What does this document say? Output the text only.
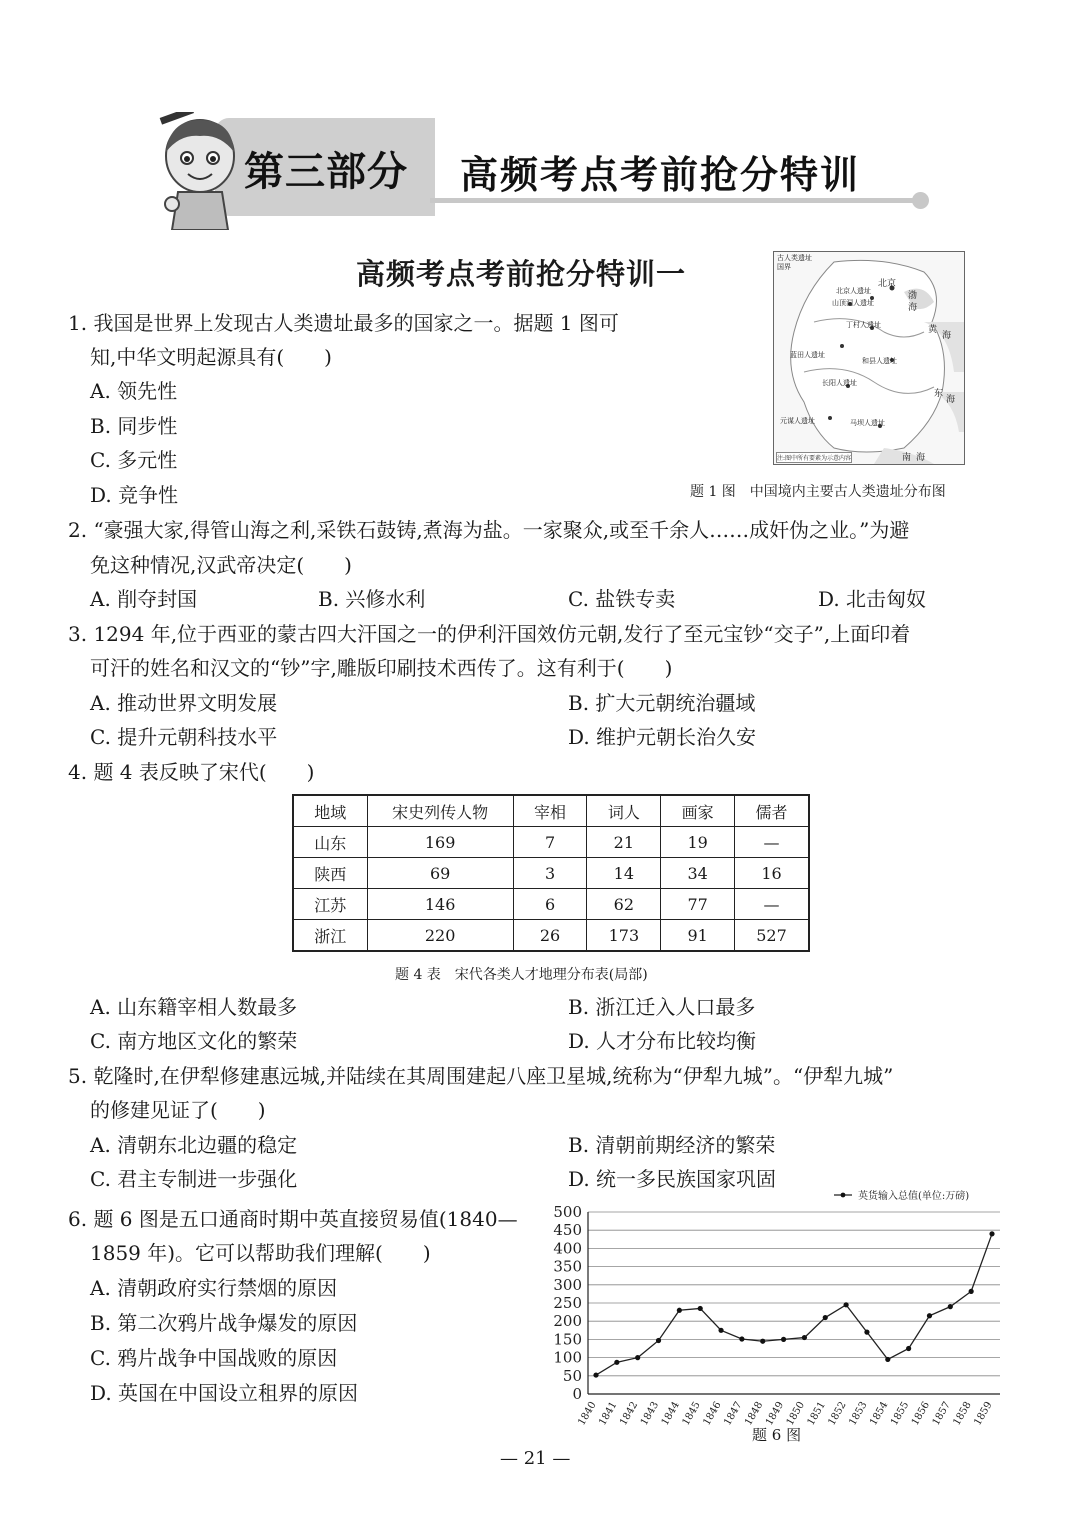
第三部分 高频考点考前抢分特训
高频考点考前抢分特训一
1. 我国是世界上发现古人类遗址最多的国家之一。据题 1 图可
知,中华文明起源具有(　　)
A. 领先性
B. 同步性
C. 多元性
D. 竞争性
古人类遗址
国界
北京
北京人遗址
山顶洞人遗址
渤
海
丁村人遗址	黄
海
蓝田人遗址
和县人遗址
长阳人遗址
东
海
元谋人遗址	马坝人遗址
南 海
注:图中所有要素为示意内容
题 1 图　中国境内主要古人类遗址分布图
2. “豪强大家,得管山海之利,采铁石鼓铸,煮海为盐。一家聚众,或至千余人……成奸伪之业。”为避
免这种情况,汉武帝决定(　　)
A. 削夺封国	B. 兴修水利	C. 盐铁专卖	D. 北击匈奴
3. 1294 年,位于西亚的蒙古四大汗国之一的伊利汗国效仿元朝,发行了至元宝钞“交子”,上面印着
可汗的姓名和汉文的“钞”字,雕版印刷技术西传了。这有利于(　　)
A. 推动世界文明发展	B. 扩大元朝统治疆域
C. 提升元朝科技水平	D. 维护元朝长治久安
4. 题 4 表反映了宋代(　　)
地域	宋史列传人物	宰相	词人	画家	儒者
山东	169	7	21	19	—
陕西	69	3	14	34	16
江苏	146	6	62	77	—
浙江	220	26	173	91	527
题 4 表　宋代各类人才地理分布表(局部)
A. 山东籍宰相人数最多	B. 浙江迁入人口最多
C. 南方地区文化的繁荣	D. 人才分布比较均衡
5. 乾隆时,在伊犁修建惠远城,并陆续在其周围建起八座卫星城,统称为“伊犁九城”。“伊犁九城”
的修建见证了(　　)
A. 清朝东北边疆的稳定	B. 清朝前期经济的繁荣
C. 君主专制进一步强化	D. 统一多民族国家巩固
6. 题 6 图是五口通商时期中英直接贸易值(1840—
1859 年)。它可以帮助我们理解(　　)
A. 清朝政府实行禁烟的原因
B. 第二次鸦片战争爆发的原因
C. 鸦片战争中国战败的原因
D. 英国在中国设立租界的原因	0
50
100
150
200
250
300
350
400
450
500
1840
1841
1842
1843
1844
1845
1846
1847
1848
1849
1850
1851
1852
1853
1854
1855
1856
1857
1858
1859
英货输入总值(单位:万磅)
题 6 图
— 21 —
